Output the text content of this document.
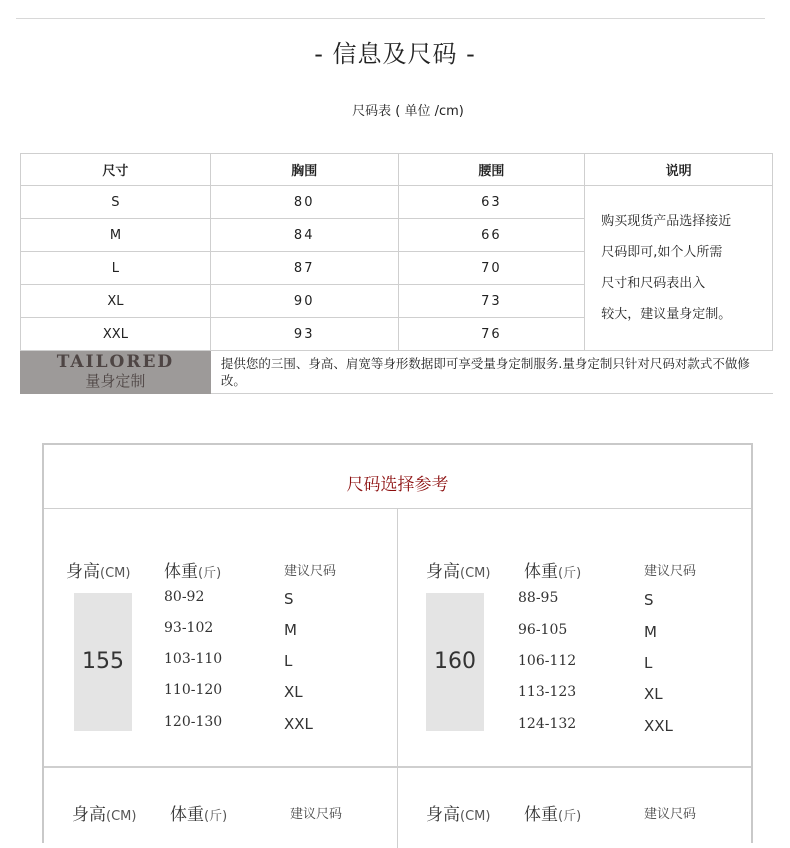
- 信息及尺码 -
尺码表 ( 单位 /cm)
尺寸	胸围	腰围	说明
S	80	63	购买现货产品选择接近
尺码即可,如个人所需
尺寸和尺码表出入
较大，建议量身定制。

M	84	66	
L	87	70	
XL	90	73	
XXL	93	76	

TAILORED
量身定制	提供您的三围、身高、肩宽等身形数据即可享受量身定制服务.量身定制只针对尺码对款式不做修改。		
尺码选择参考
身高(CM) 体重(斤)	建议尺码
155
80-92	S
93-102	M
103-110	L
110-120	XL
120-130	XXL
身高(CM) 体重(斤)	建议尺码
160
88-95	S
96-105	M
106-112	L
113-123	XL
124-132	XXL
身高(CM) 体重(斤)	建议尺码	身高(CM) 体重(斤)	建议尺码
